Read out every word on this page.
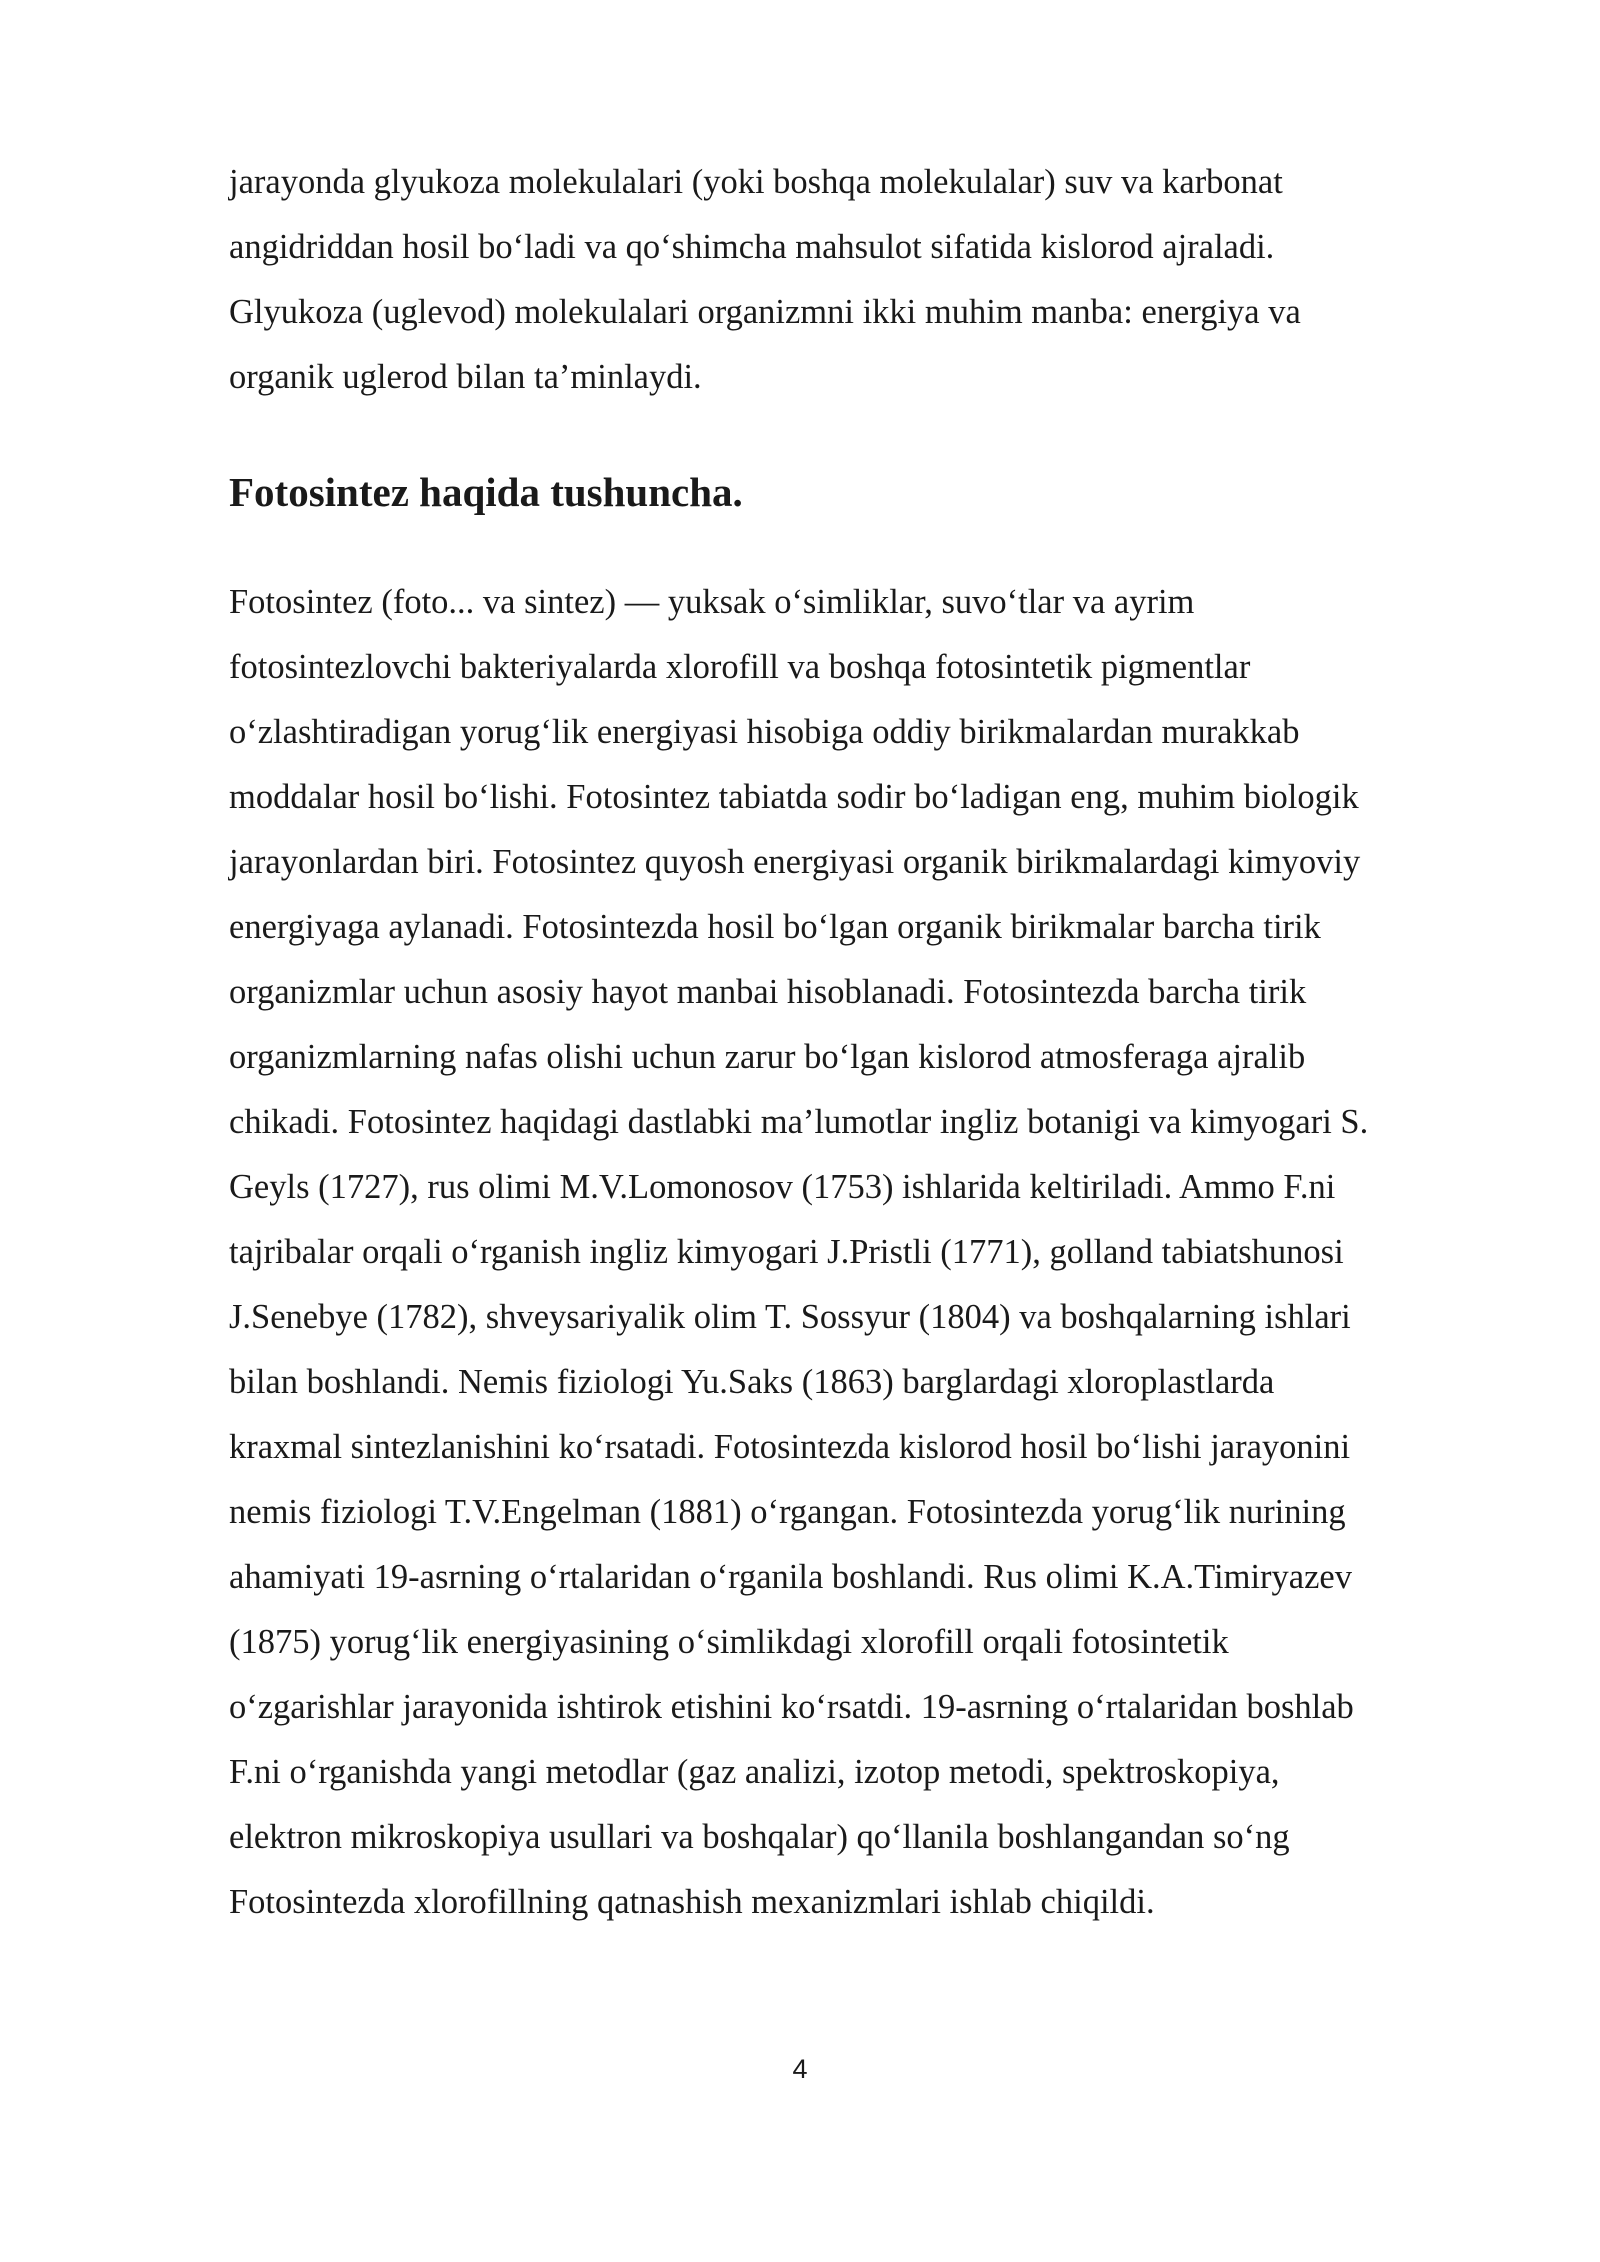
jarayonda glyukoza molekulalari (yoki boshqa molekulalar) suv va karbonat
angidriddan hosil bo‘ladi va qo‘shimcha mahsulot sifatida kislorod ajraladi.
Glyukoza (uglevod) molekulalari organizmni ikki muhim manba: energiya va
organik uglerod bilan ta’minlaydi.

Fotosintez haqida tushuncha.

Fotosintez (foto... va sintez) — yuksak o‘simliklar, suvo‘tlar va ayrim
fotosintezlovchi bakteriyalarda xlorofill va boshqa fotosintetik pigmentlar
o‘zlashtiradigan yorug‘lik energiyasi hisobiga oddiy birikmalardan murakkab
moddalar hosil bo‘lishi. Fotosintez tabiatda sodir bo‘ladigan eng, muhim biologik
jarayonlardan biri. Fotosintez quyosh energiyasi organik birikmalardagi kimyoviy
energiyaga aylanadi. Fotosintezda hosil bo‘lgan organik birikmalar barcha tirik
organizmlar uchun asosiy hayot manbai hisoblanadi. Fotosintezda barcha tirik
organizmlarning nafas olishi uchun zarur bo‘lgan kislorod atmosferaga ajralib
chikadi. Fotosintez haqidagi dastlabki ma’lumotlar ingliz botanigi va kimyogari S.
Geyls (1727), rus olimi M.V.Lomonosov (1753) ishlarida keltiriladi. Ammo F.ni
tajribalar orqali o‘rganish ingliz kimyogari J.Pristli (1771), golland tabiatshunosi
J.Senebye (1782), shveysariyalik olim T. Sossyur (1804) va boshqalarning ishlari
bilan boshlandi. Nemis fiziologi Yu.Saks (1863) barglardagi xloroplastlarda
kraxmal sintezlanishini ko‘rsatadi. Fotosintezda kislorod hosil bo‘lishi jarayonini
nemis fiziologi T.V.Engelman (1881) o‘rgangan. Fotosintezda yorug‘lik nurining
ahamiyati 19-asrning o‘rtalaridan o‘rganila boshlandi. Rus olimi K.A.Timiryazev
(1875) yorug‘lik energiyasining o‘simlikdagi xlorofill orqali fotosintetik
o‘zgarishlar jarayonida ishtirok etishini ko‘rsatdi. 19-asrning o‘rtalaridan boshlab
F.ni o‘rganishda yangi metodlar (gaz analizi, izotop metodi, spektroskopiya,
elektron mikroskopiya usullari va boshqalar) qo‘llanila boshlangandan so‘ng
Fotosintezda xlorofillning qatnashish mexanizmlari ishlab chiqildi.

4
